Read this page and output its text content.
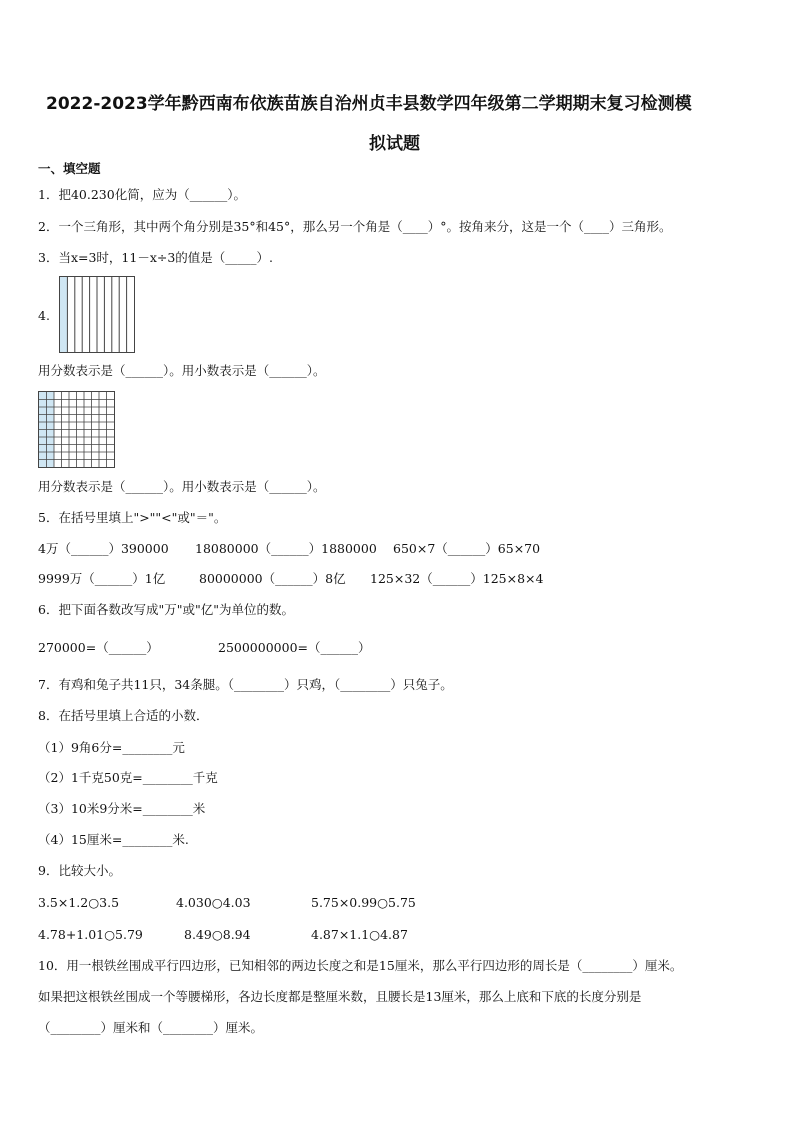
2022-2023学年黔西南布依族苗族自治州贞丰县数学四年级第二学期期末复习检测模
拟试题
一、填空题
1．把40.230化简，应为（______）。
2．一个三角形，其中两个角分别是35°和45°，那么另一个角是（____）°。按角来分，这是一个（____）三角形。
3．当x=3时，11－x÷3的值是（_____）.
4.
用分数表示是（______）。用小数表示是（______）。
用分数表示是（______）。用小数表示是（______）。
5．在括号里填上">""<"或"＝"。
4万（______）390000 18080000（______）1880000 650×7（______）65×70
9999万（______）1亿	80000000（______）8亿 125×32（______）125×8×4
6．把下面各数改写成"万"或"亿"为单位的数。
270000=（______）	2500000000=（______）
7．有鸡和兔子共11只，34条腿。（________）只鸡，（________）只兔子。
8．在括号里填上合适的小数．
（1）9角6分=________元
（2）1千克50克=________千克
（3）10米9分米=________米
（4）15厘米=________米.
9．比较大小。
3.5×1.2○3.5	4.030○4.03	5.75×0.99○5.75
4.78+1.01○5.79	8.49○8.94	4.87×1.1○4.87
10．用一根铁丝围成平行四边形，已知相邻的两边长度之和是15厘米，那么平行四边形的周长是（________）厘米。
如果把这根铁丝围成一个等腰梯形，各边长度都是整厘米数，且腰长是13厘米，那么上底和下底的长度分别是
（________）厘米和（________）厘米。
